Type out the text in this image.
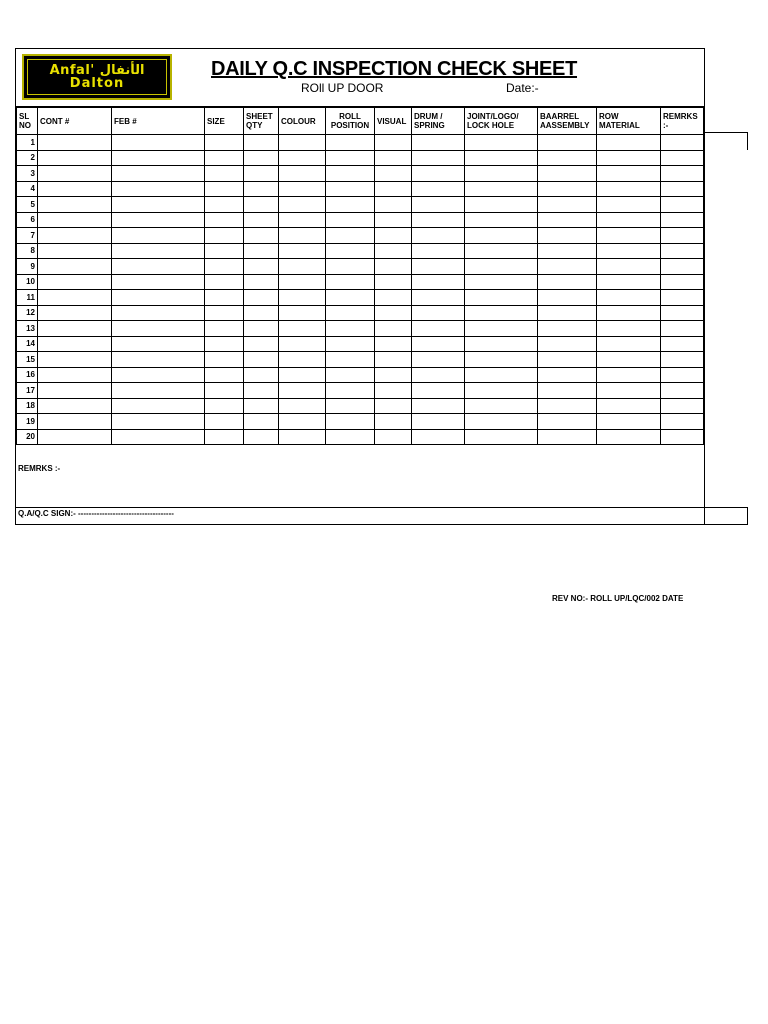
Anfal' الأنفال
Dalton
DAILY Q.C INSPECTION CHECK SHEET
ROll UP DOOR	Date:-
SL NO	CONT #	FEB #	SIZE	SHEET QTY	COLOUR	ROLL POSITION	VISUAL	DRUM / SPRING	JOINT/LOGO/ LOCK HOLE	BAARREL AASSEMBLY	ROW MATERIAL	REMRKS :-
1												
2												
3												
4												
5												
6												
7												
8												
9												
10												
11												
12												
13												
14												
15												
16												
17												
18												
19												
20												
REMRKS :-
Q.A/Q.C SIGN:- ------------------------------------
REV NO:- ROLL UP/LQC/002 DATE
